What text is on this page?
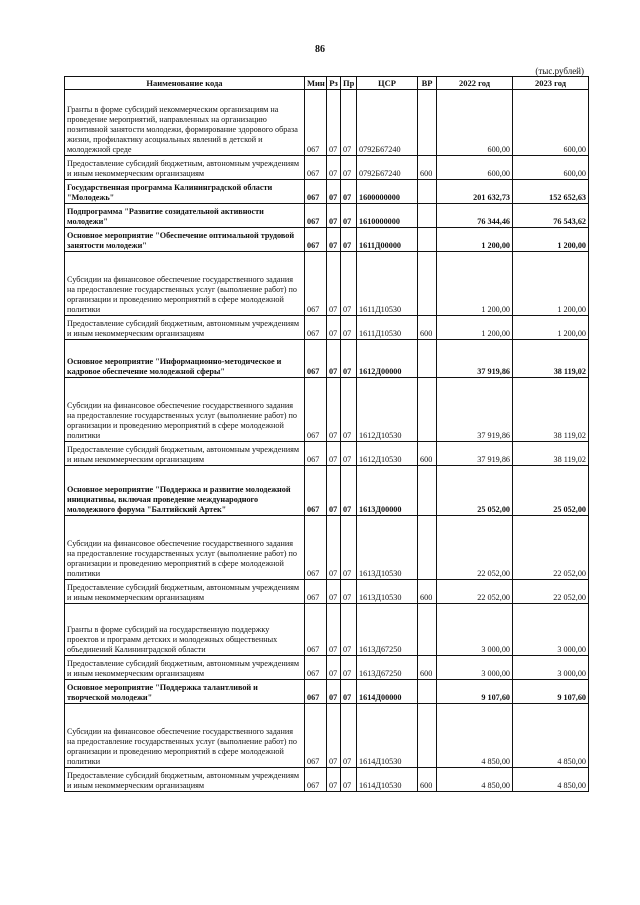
86
(тыс.рублей)
Наименование кода	Мин	Рз	Пр	ЦСР	ВР	2022 год	2023 год
Гранты в форме субсидий некоммерческим организациям на проведение мероприятий, направленных на организацию позитивной занятости молодежи, формирование здорового образа жизни, профилактику асоциальных явлений в детской и молодежной среде	067	07	07	0792Б67240		600,00	600,00
Предоставление субсидий бюджетным, автономным учреждениям и иным некоммерческим организациям	067	07	07	0792Б67240	600	600,00	600,00
Государственная программа Калининградской области "Молодежь"	067	07	07	1600000000		201 632,73	152 652,63
Подпрограмма "Развитие созидательной активности молодежи"	067	07	07	1610000000		76 344,46	76 543,62
Основное мероприятие "Обеспечение оптимальной трудовой занятости молодежи"	067	07	07	1611Д00000		1 200,00	1 200,00
Субсидии на финансовое обеспечение государственного задания на предоставление государственных услуг (выполнение работ) по организации и проведению мероприятий в сфере молодежной политики	067	07	07	1611Д10530		1 200,00	1 200,00
Предоставление субсидий бюджетным, автономным учреждениям и иным некоммерческим организациям	067	07	07	1611Д10530	600	1 200,00	1 200,00
Основное мероприятие "Информационно-методическое и кадровое обеспечение молодежной сферы"	067	07	07	1612Д00000		37 919,86	38 119,02
Субсидии на финансовое обеспечение государственного задания на предоставление государственных услуг (выполнение работ) по организации и проведению мероприятий в сфере молодежной политики	067	07	07	1612Д10530		37 919,86	38 119,02
Предоставление субсидий бюджетным, автономным учреждениям и иным некоммерческим организациям	067	07	07	1612Д10530	600	37 919,86	38 119,02
Основное мероприятие "Поддержка и развитие молодежной инициативы, включая проведение международного молодежного форума "Балтийский Артек"	067	07	07	1613Д00000		25 052,00	25 052,00
Субсидии на финансовое обеспечение государственного задания на предоставление государственных услуг (выполнение работ) по организации и проведению мероприятий в сфере молодежной политики	067	07	07	1613Д10530		22 052,00	22 052,00
Предоставление субсидий бюджетным, автономным учреждениям и иным некоммерческим организациям	067	07	07	1613Д10530	600	22 052,00	22 052,00
Гранты в форме субсидий на государственную поддержку проектов и программ детских и молодежных общественных объединений Калининградской области	067	07	07	1613Д67250		3 000,00	3 000,00
Предоставление субсидий бюджетным, автономным учреждениям и иным некоммерческим организациям	067	07	07	1613Д67250	600	3 000,00	3 000,00
Основное мероприятие "Поддержка талантливой и творческой молодежи"	067	07	07	1614Д00000		9 107,60	9 107,60
Субсидии на финансовое обеспечение государственного задания на предоставление государственных услуг (выполнение работ) по организации и проведению мероприятий в сфере молодежной политики	067	07	07	1614Д10530		4 850,00	4 850,00
Предоставление субсидий бюджетным, автономным учреждениям и иным некоммерческим организациям	067	07	07	1614Д10530	600	4 850,00	4 850,00
